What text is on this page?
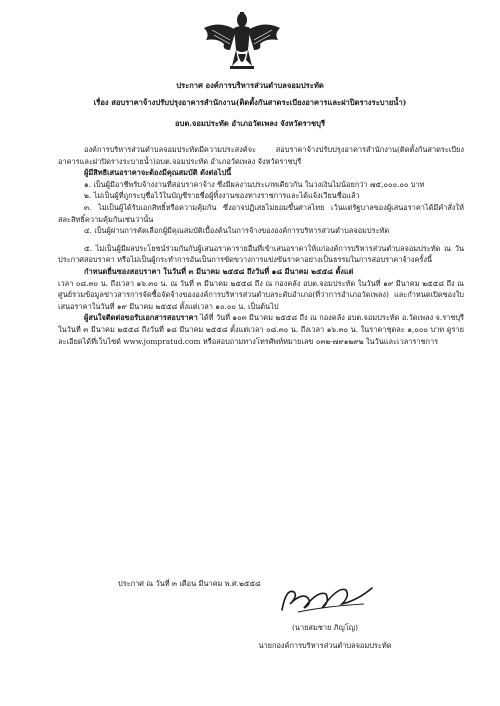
ประกาศ องค์การบริหารส่วนตำบลจอมประทัด
เรื่อง สอบราคาจ้างปรับปรุงอาคารสำนักงาน(ติดตั้งกันสาดระเบียงอาคารและฝาปิดรางระบายน้ำ)
อบต.จอมประทัด อำเภอวัดเพลง จังหวัดราชบุรี

องค์การบริหารส่วนตำบลจอมประทัดมีความประสงค์จะ สอบราคาจ้างปรับปรุงอาคารสำนักงาน(ติดตั้งกันสาดระเบียงอาคารและฝาปิดรางระบายน้ำ)อบต.จอมประทัด อำเภอวัดเพลง จังหวัดราชบุรี

ผู้มีสิทธิเสนอราคาจะต้องมีคุณสมบัติ ดังต่อไปนี้

๑. เป็นผู้มีอาชีพรับจ้างงานที่สอบราคาจ้าง ซึ่งมีผลงานประเภทเดียวกัน ในวงเงินไม่น้อยกว่า ๗๕,๐๐๐.๐๐ บาท

๒. ไม่เป็นผู้ที่ถูกระบุชื่อไว้ในบัญชีรายชื่อผู้ทิ้งงานของทางราชการและได้แจ้งเวียนชื่อแล้ว

๓. ไม่เป็นผู้ได้รับเอกสิทธิ์หรือความคุ้มกัน ซึ่งอาจปฏิเสธไม่ยอมขึ้นศาลไทย เว้นแต่รัฐบาลของผู้เสนอราคาได้มีคำสั่งให้สละสิทธิ์ความคุ้มกันเช่นว่านั้น

๔. เป็นผู้ผ่านการคัดเลือกผู้มีคุณสมบัติเบื้องต้นในการจ้างขององค์การบริหารส่วนตำบลจอมประทัด

๕. ไม่เป็นผู้มีผลประโยชน์ร่วมกันกับผู้เสนอราคารายอื่นที่เข้าเสนอราคาให้แก่องค์การบริหารส่วนตำบลจอมประทัด ณ วันประกาศสอบราคา หรือไม่เป็นผู้กระทำการอันเป็นการขัดขวางการแข่งขันราคาอย่างเป็นธรรมในการสอบราคาจ้างครั้งนี้

กำหนดยื่นซองสอบราคา ในวันที่ ๓ มีนาคม ๒๕๕๘ ถึงวันที่ ๑๘ มีนาคม ๒๕๕๘ ตั้งแต่

เวลา ๐๘.๓๐ น. ถึงเวลา ๑๖.๓๐ น. ณ วันที่ ๓ มีนาคม ๒๕๕๘ ถึง ณ กองคลัง อบต.จอมประทัด ในวันที่ ๑๙ มีนาคม ๒๕๕๘ ถึง ณ ศูนย์รวมข้อมูลข่าวสารการจัดซื้อจัดจ้างขององค์การบริหารส่วนตำบลระดับอำเภอ(ที่ว่าการอำเภอวัดเพลง) และกำหนดเปิดซองใบเสนอราคาในวันที่ ๑๙ มีนาคม ๒๕๕๘ ตั้งแต่เวลา ๑๐.๐๐ น. เป็นต้นไป

ผู้สนใจติดต่อขอรับเอกสารสอบราคา ได้ที่ วันที่ ๑๐๓ มีนาคม ๒๕๕๘ ถึง ณ กองคลัง อบต.จอมประทัด อ.วัดเพลง จ.ราชบุรี ในวันที่ ๓ มีนาคม ๒๕๕๘ ถึงวันที่ ๑๘ มีนาคม ๒๕๕๘ ตั้งแต่เวลา ๐๘.๓๐ น. ถึงเวลา ๑๖.๓๐ น. ในราคาชุดละ ๑,๐๐๐ บาท ดูรายละเอียดได้ที่เว็บไซด์ www.jompratud.com หรือสอบถามทางโทรศัพท์หมายเลข ๐๓๒-๗๙๑๒๙๒ ในวันและเวลาราชการ

ประกาศ ณ วันที่ ๓ เดือน มีนาคม พ.ศ.๒๕๕๘
(นายสมชาย ภิญโญ)
นายกองค์การบริหารส่วนตำบลจอมประทัด
